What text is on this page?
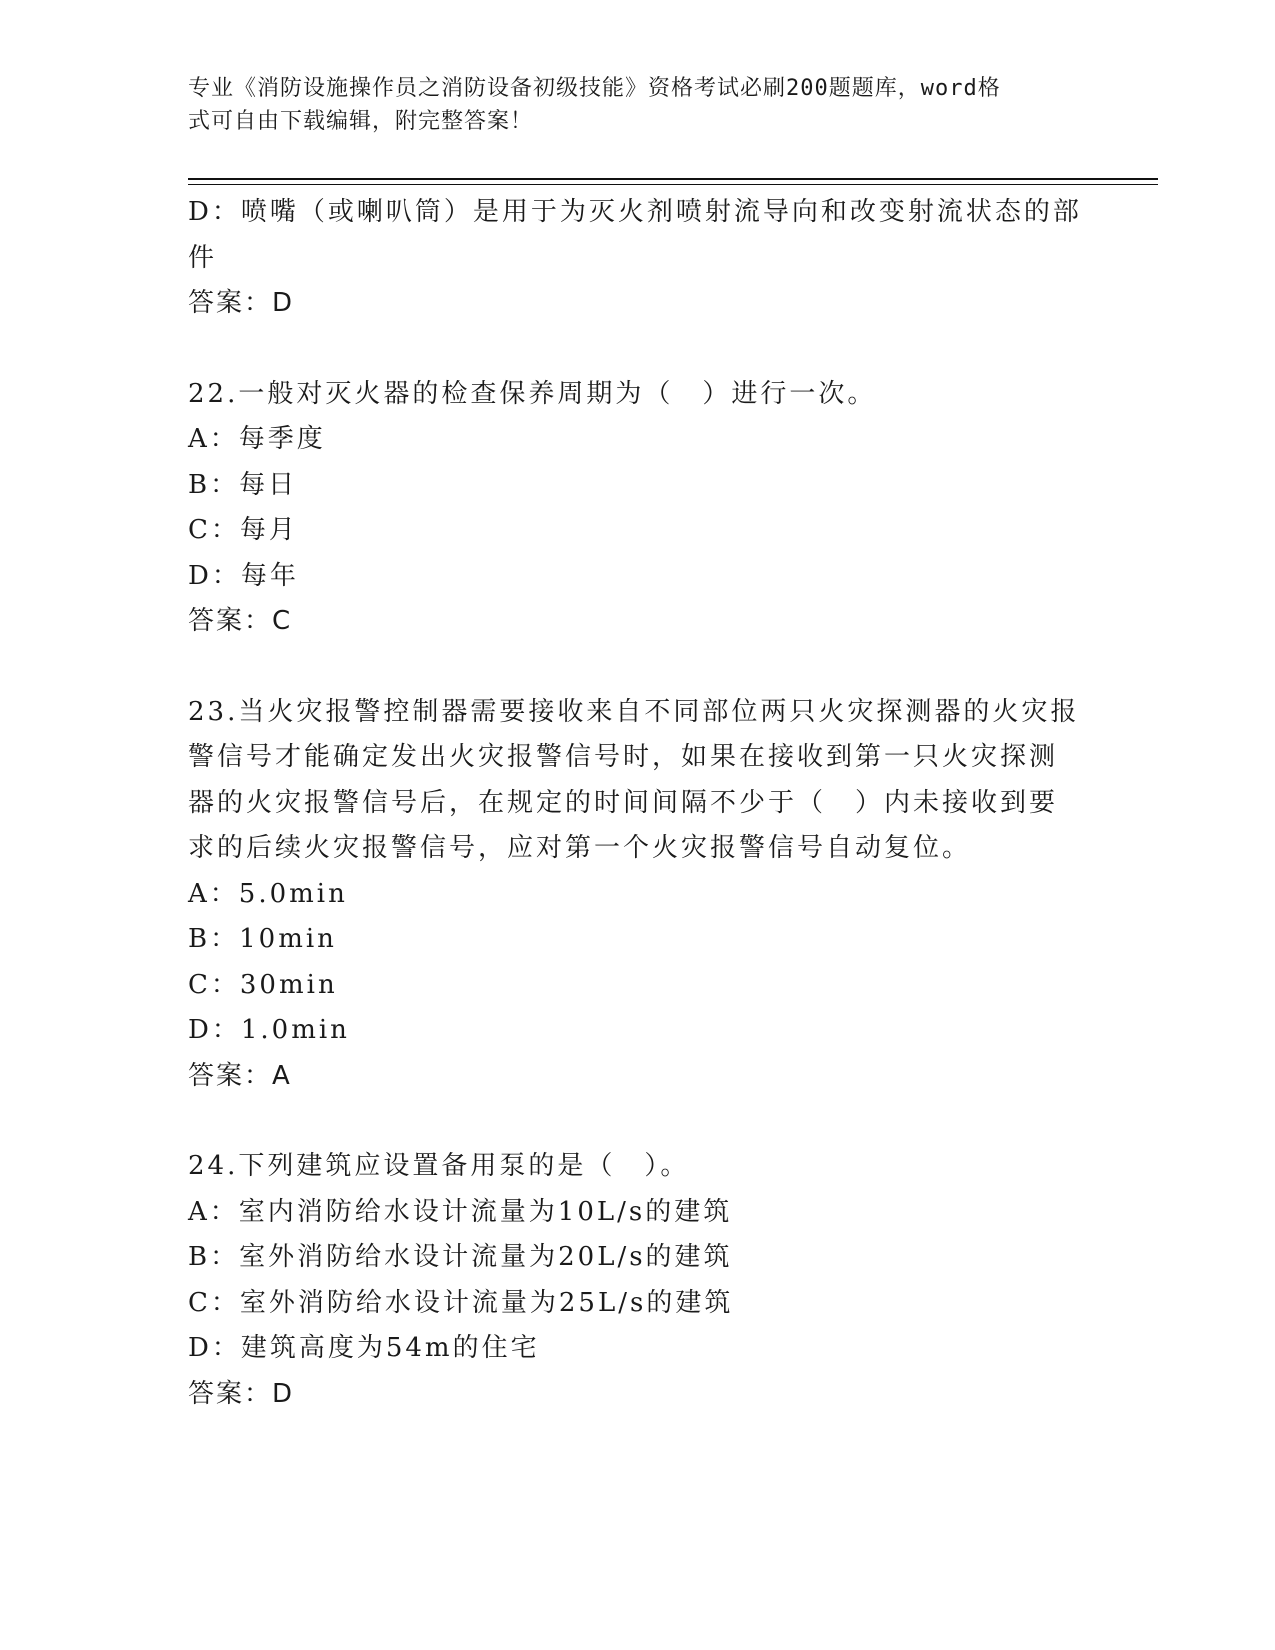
专业《消防设施操作员之消防设备初级技能》资格考试必刷200题题库，word格
式可自由下载编辑，附完整答案！
D：喷嘴（或喇叭筒）是用于为灭火剂喷射流导向和改变射流状态的部
件
答案：D
22.一般对灭火器的检查保养周期为（　）进行一次。
A：每季度
B：每日
C：每月
D：每年
答案：C
23.当火灾报警控制器需要接收来自不同部位两只火灾探测器的火灾报
警信号才能确定发出火灾报警信号时，如果在接收到第一只火灾探测
器的火灾报警信号后，在规定的时间间隔不少于（　）内未接收到要
求的后续火灾报警信号，应对第一个火灾报警信号自动复位。
A：5.0min
B：10min
C：30min
D：1.0min
答案：A
24.下列建筑应设置备用泵的是（　）。
A：室内消防给水设计流量为10L/s的建筑
B：室外消防给水设计流量为20L/s的建筑
C：室外消防给水设计流量为25L/s的建筑
D：建筑高度为54m的住宅
答案：D
